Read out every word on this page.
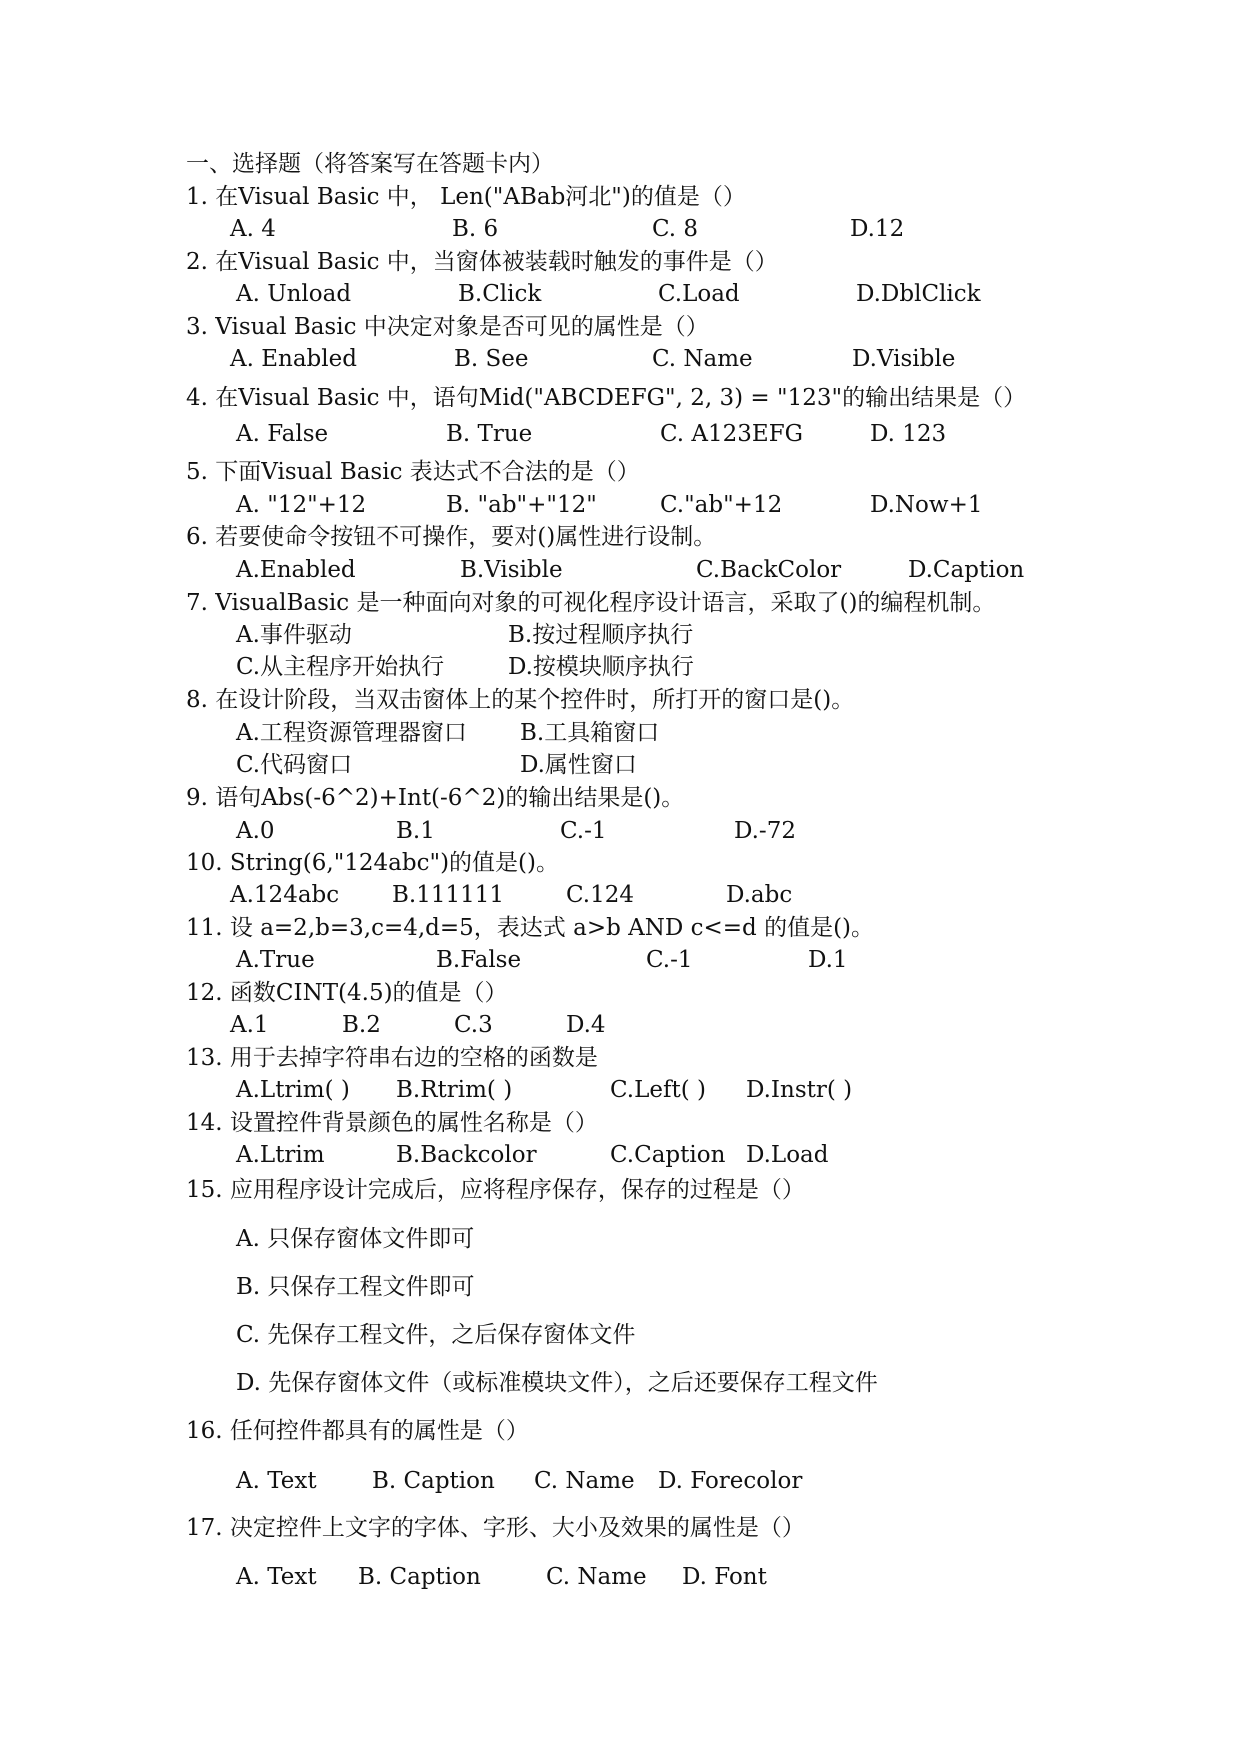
一、选择题（将答案写在答题卡内）
1. 在Visual Basic 中， Len("ABab河北")的值是（）
A. 4	B. 6	C. 8	D.12
2. 在Visual Basic 中，当窗体被装载时触发的事件是（）
A. Unload	B.Click	C.Load	D.DblClick
3. Visual Basic 中决定对象是否可见的属性是（）
A. Enabled	B. See	C. Name	D.Visible
4. 在Visual Basic 中，语句Mid("ABCDEFG", 2, 3) = "123"的输出结果是（）
A. False	B. True	C. A123EFG	D. 123
5. 下面Visual Basic 表达式不合法的是（）
A. "12"+12	B. "ab"+"12"	C."ab"+12	D.Now+1
6. 若要使命令按钮不可操作，要对()属性进行设制。
A.Enabled	B.Visible	C.BackColor	D.Caption
7. VisualBasic 是一种面向对象的可视化程序设计语言，采取了()的编程机制。
A.事件驱动	B.按过程顺序执行
C.从主程序开始执行	D.按模块顺序执行
8. 在设计阶段，当双击窗体上的某个控件时，所打开的窗口是()。
A.工程资源管理器窗口 B.工具箱窗口
C.代码窗口	D.属性窗口
9. 语句Abs(-6^2)+Int(-6^2)的输出结果是()。
A.0	B.1	C.-1	D.-72
10. String(6,"124abc")的值是()。
A.124abc B.111111	C.124	D.abc
11. 设 a=2,b=3,c=4,d=5，表达式 a>b AND c<=d 的值是()。
A.True	B.False	C.-1	D.1
12. 函数CINT(4.5)的值是（）
A.1	B.2	C.3	D.4
13. 用于去掉字符串右边的空格的函数是
A.Ltrim( ) B.Rtrim( )	C.Left( ) D.Instr( )
14. 设置控件背景颜色的属性名称是（）
A.Ltrim	B.Backcolor	C.Caption D.Load
15. 应用程序设计完成后，应将程序保存，保存的过程是（）
A. 只保存窗体文件即可
B. 只保存工程文件即可
C. 先保存工程文件，之后保存窗体文件
D. 先保存窗体文件（或标准模块文件），之后还要保存工程文件
16. 任何控件都具有的属性是（）
A. Text B. Caption C. Name D. Forecolor
17. 决定控件上文字的字体、字形、大小及效果的属性是（）
A. Text B. Caption	C. Name D. Font
